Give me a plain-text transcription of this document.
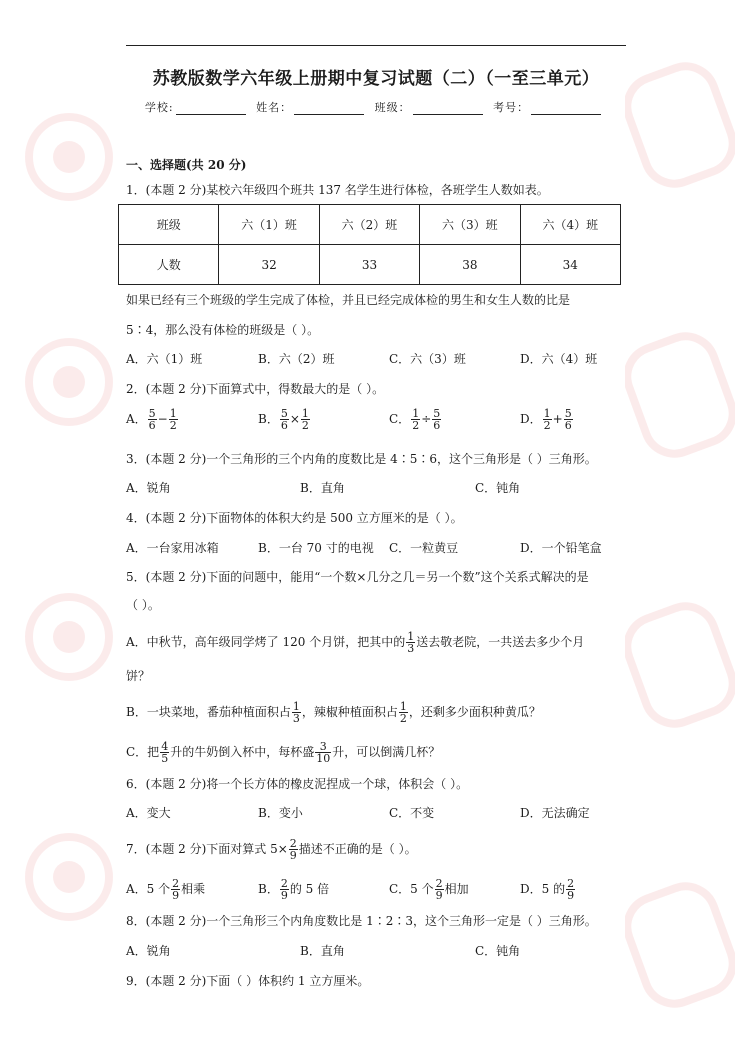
苏教版数学六年级上册期中复习试题（二）（一至三单元）
学校:	姓名：	班级：	考号：
一、选择题(共 20 分)
1．(本题 2 分)某校六年级四个班共 137 名学生进行体检，各班学生人数如表。
班级	六（1）班	六（2）班	六（3）班	六（4）班
人数	32	33	38	34
如果已经有三个班级的学生完成了体检，并且已经完成体检的男生和女生人数的比是
5∶4，那么没有体检的班级是（ ）。
A．六（1）班	B．六（2）班	C．六（3）班	D．六（4）班
2．(本题 2 分)下面算式中，得数最大的是（ ）。
A． $\frac{5}{6} - \frac{1}{2}$	B． $\frac{5}{6} \times \frac{1}{2}$	C． $\frac{1}{2} \div \frac{5}{6}$	D． $\frac{1}{2} + \frac{5}{6}$
3．(本题 2 分)一个三角形的三个内角的度数比是 4∶5∶6，这个三角形是（ ）三角形。
A．锐角	B．直角	C．钝角
4．(本题 2 分)下面物体的体积大约是 500 立方厘米的是（ ）。
A．一台家用冰箱	B．一台 70 寸的电视 C．一粒黄豆	D．一个铅笔盒
5．(本题 2 分)下面的问题中，能用“一个数×几分之几＝另一个数”这个关系式解决的是
（ ）。
A．中秋节，高年级同学烤了 120 个月饼，把其中的 $\frac{1}{3}$ 送去敬老院，一共送去多少个月
饼？
B．一块菜地，番茄种植面积占 $\frac{1}{3}$ ，辣椒种植面积占 $\frac{1}{2}$ ，还剩多少面积种黄瓜？
C．把 $\frac{4}{5}$ 升的牛奶倒入杯中，每杯盛 $\frac{3}{10}$ 升，可以倒满几杯？
6．(本题 2 分)将一个长方体的橡皮泥捏成一个球，体积会（ ）。
A．变大	B．变小	C．不变	D．无法确定
7．(本题 2 分)下面对算式 $5\times \frac{2}{9}$ 描述不正确的是（ ）。
A．5 个 $\frac{2}{9}$ 相乘	B． $\frac{2}{9}$ 的 5 倍	C．5 个 $\frac{2}{9}$ 相加	D．5 的 $\frac{2}{9}$
8．(本题 2 分)一个三角形三个内角度数比是 1∶2∶3，这个三角形一定是（ ）三角形。
A．锐角	B．直角	C．钝角
9．(本题 2 分)下面（ ）体积约 1 立方厘米。
